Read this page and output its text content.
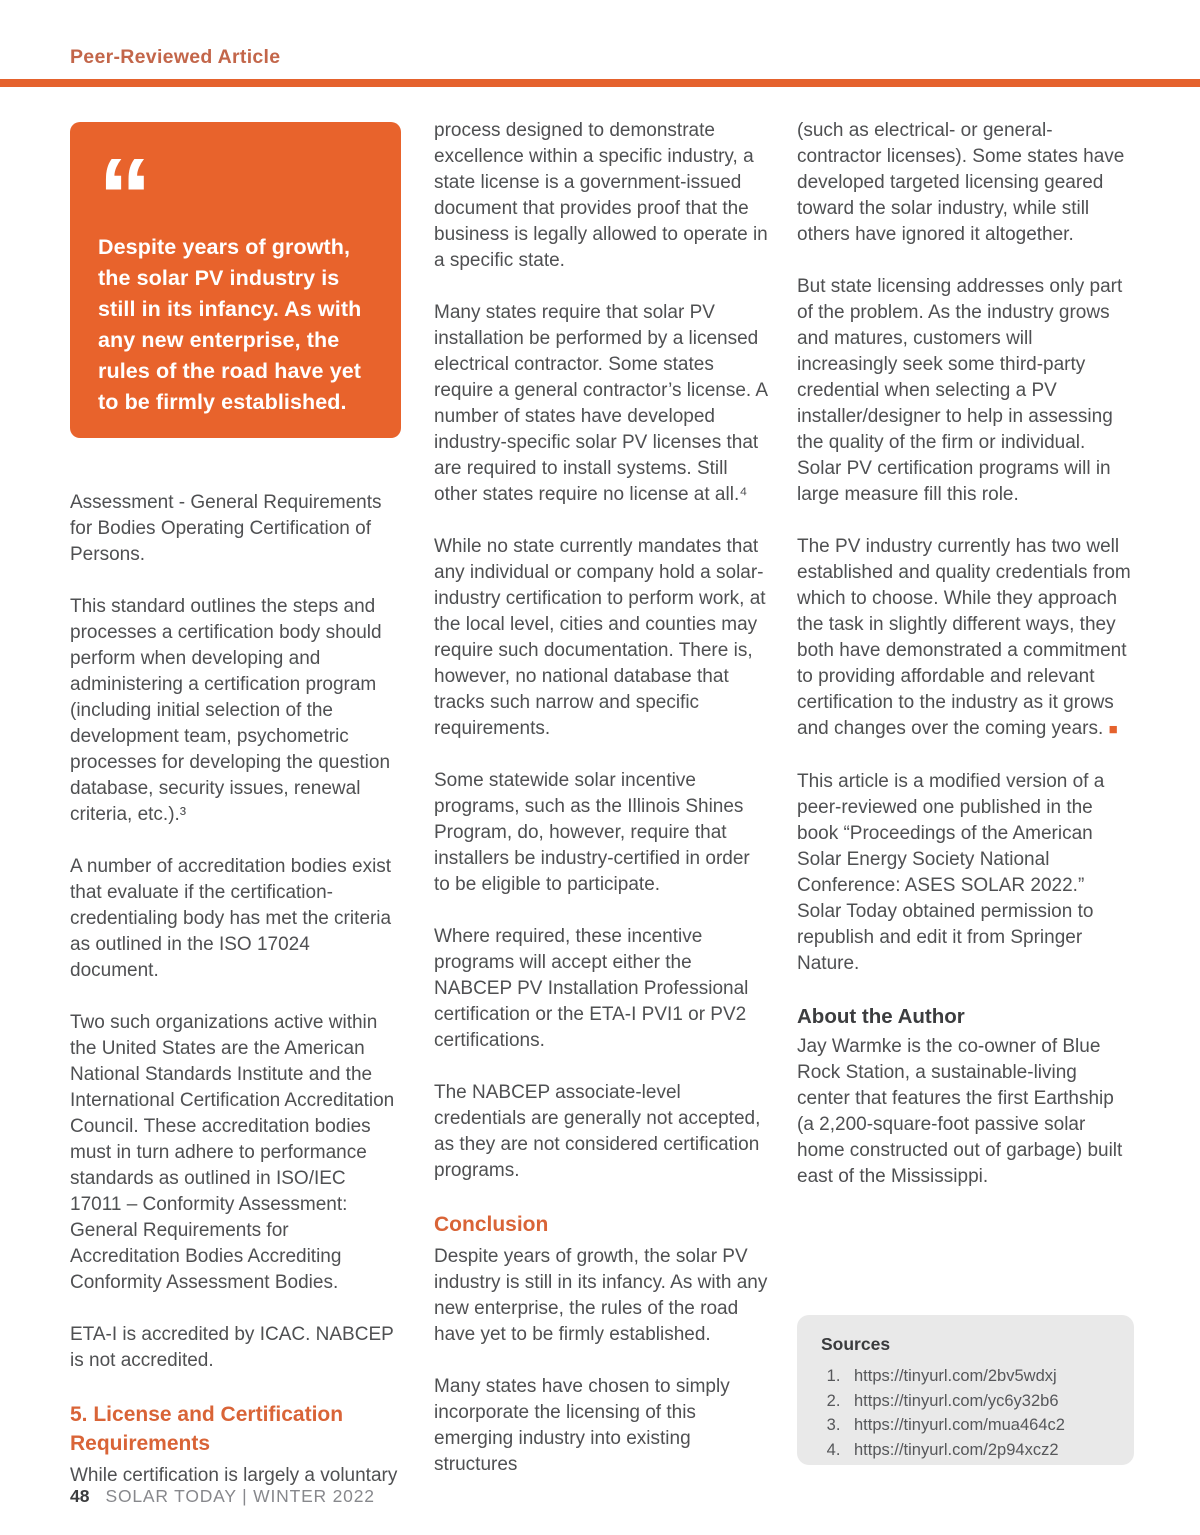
Peer-Reviewed Article
“
Despite years of growth, the solar PV industry is still in its infancy. As with any new enterprise, the rules of the road have yet to be firmly established.

Assessment - General Requirements for Bodies Operating Certification of Persons.

This standard outlines the steps and processes a certification body should perform when developing and administering a certification program (including initial selection of the development team, psychometric processes for developing the question database, security issues, renewal criteria, etc.).³

A number of accreditation bodies exist that evaluate if the certification-credentialing body has met the criteria as outlined in the ISO 17024 document.

Two such organizations active within the United States are the American National Standards Institute and the International Certification Accreditation Council. These accreditation bodies must in turn adhere to performance standards as outlined in ISO/IEC 17011 – Conformity Assessment: General Requirements for Accreditation Bodies Accrediting Conformity Assessment Bodies.

ETA-I is accredited by ICAC. NABCEP is not accredited.

5. License and Certification Requirements

While certification is largely a voluntary

process designed to demonstrate excellence within a specific industry, a state license is a government-issued document that provides proof that the business is legally allowed to operate in a specific state.

Many states require that solar PV installation be performed by a licensed electrical contractor. Some states require a general contractor’s license. A number of states have developed industry-specific solar PV licenses that are required to install systems. Still other states require no license at all.⁴

While no state currently mandates that any individual or company hold a solar-industry certification to perform work, at the local level, cities and counties may require such documentation. There is, however, no national database that tracks such narrow and specific requirements.

Some statewide solar incentive programs, such as the Illinois Shines Program, do, however, require that installers be industry-certified in order to be eligible to participate.

Where required, these incentive programs will accept either the NABCEP PV Installation Professional certification or the ETA-I PVI1 or PV2 certifications.

The NABCEP associate-level credentials are generally not accepted, as they are not considered certification programs.

Conclusion

Despite years of growth, the solar PV industry is still in its infancy. As with any new enterprise, the rules of the road have yet to be firmly established.

Many states have chosen to simply incorporate the licensing of this emerging industry into existing structures

(such as electrical- or general-contractor licenses). Some states have developed targeted licensing geared toward the solar industry, while still others have ignored it altogether.

But state licensing addresses only part of the problem. As the industry grows and matures, customers will increasingly seek some third-party credential when selecting a PV installer/designer to help in assessing the quality of the firm or individual. Solar PV certification programs will in large measure fill this role.

The PV industry currently has two well established and quality credentials from which to choose. While they approach the task in slightly different ways, they both have demonstrated a commitment to providing affordable and relevant certification to the industry as it grows and changes over the coming years. ■

This article is a modified version of a peer-reviewed one published in the book “Proceedings of the American Solar Energy Society National Conference: ASES SOLAR 2022.” Solar Today obtained permission to republish and edit it from Springer Nature.

About the Author

Jay Warmke is the co-owner of Blue Rock Station, a sustainable-living center that features the first Earthship (a 2,200-square-foot passive solar home constructed out of garbage) built east of the Mississippi.

Sources
1. https://tinyurl.com/2bv5wdxj
2. https://tinyurl.com/yc6y32b6
3. https://tinyurl.com/mua464c2
4. https://tinyurl.com/2p94xcz2
48 SOLAR TODAY | WINTER 2022
